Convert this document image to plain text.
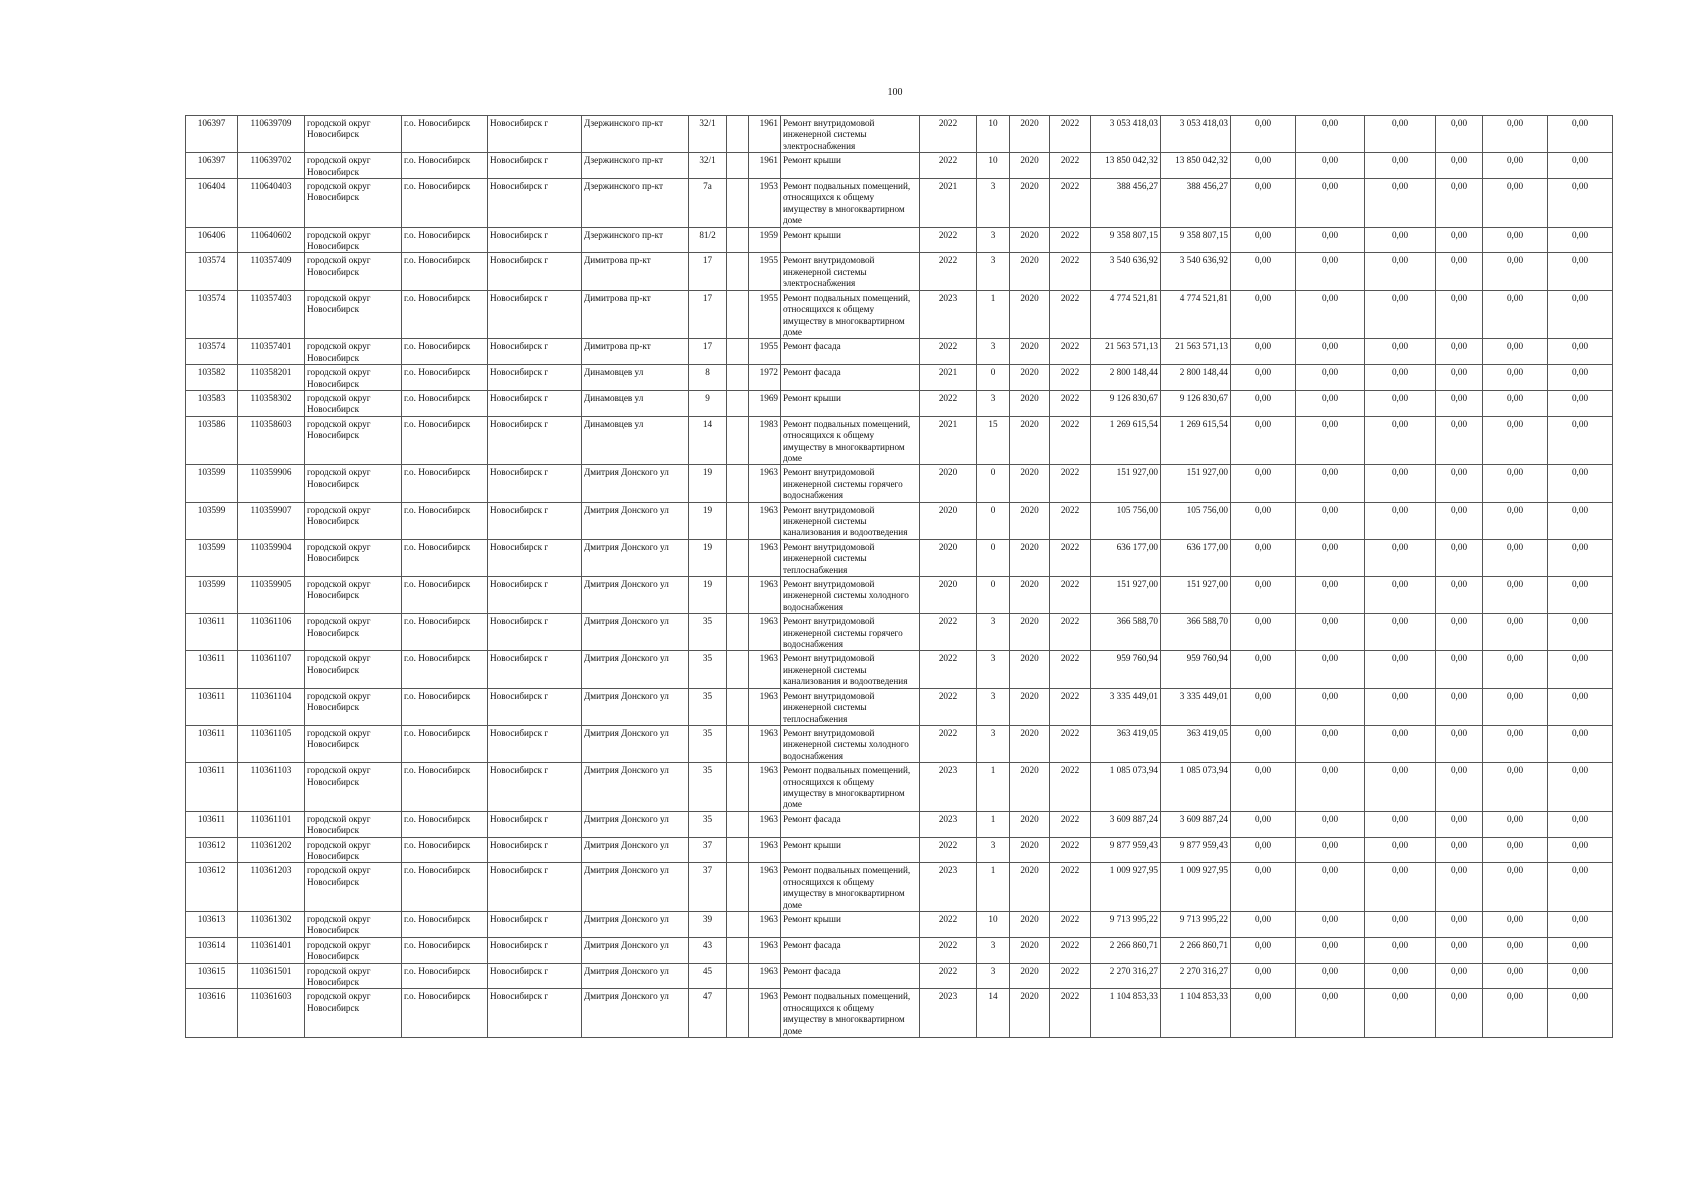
100
106397	110639709	городской округ Новосибирск	г.о. Новосибирск	Новосибирск г	Дзержинского пр-кт	32/1		1961	Ремонт внутридомовой инженерной системы электроснабжения	2022	10	2020	2022	3 053 418,03	3 053 418,03	0,00	0,00	0,00	0,00	0,00	0,00
106397	110639702	городской округ Новосибирск	г.о. Новосибирск	Новосибирск г	Дзержинского пр-кт	32/1		1961	Ремонт крыши	2022	10	2020	2022	13 850 042,32	13 850 042,32	0,00	0,00	0,00	0,00	0,00	0,00
106404	110640403	городской округ Новосибирск	г.о. Новосибирск	Новосибирск г	Дзержинского пр-кт	7а		1953	Ремонт подвальных помещений, относящихся к общему имуществу в многоквартирном доме	2021	3	2020	2022	388 456,27	388 456,27	0,00	0,00	0,00	0,00	0,00	0,00
106406	110640602	городской округ Новосибирск	г.о. Новосибирск	Новосибирск г	Дзержинского пр-кт	81/2		1959	Ремонт крыши	2022	3	2020	2022	9 358 807,15	9 358 807,15	0,00	0,00	0,00	0,00	0,00	0,00
103574	110357409	городской округ Новосибирск	г.о. Новосибирск	Новосибирск г	Димитрова пр-кт	17		1955	Ремонт внутридомовой инженерной системы электроснабжения	2022	3	2020	2022	3 540 636,92	3 540 636,92	0,00	0,00	0,00	0,00	0,00	0,00
103574	110357403	городской округ Новосибирск	г.о. Новосибирск	Новосибирск г	Димитрова пр-кт	17		1955	Ремонт подвальных помещений, относящихся к общему имуществу в многоквартирном доме	2023	1	2020	2022	4 774 521,81	4 774 521,81	0,00	0,00	0,00	0,00	0,00	0,00
103574	110357401	городской округ Новосибирск	г.о. Новосибирск	Новосибирск г	Димитрова пр-кт	17		1955	Ремонт фасада	2022	3	2020	2022	21 563 571,13	21 563 571,13	0,00	0,00	0,00	0,00	0,00	0,00
103582	110358201	городской округ Новосибирск	г.о. Новосибирск	Новосибирск г	Динамовцев ул	8		1972	Ремонт фасада	2021	0	2020	2022	2 800 148,44	2 800 148,44	0,00	0,00	0,00	0,00	0,00	0,00
103583	110358302	городской округ Новосибирск	г.о. Новосибирск	Новосибирск г	Динамовцев ул	9		1969	Ремонт крыши	2022	3	2020	2022	9 126 830,67	9 126 830,67	0,00	0,00	0,00	0,00	0,00	0,00
103586	110358603	городской округ Новосибирск	г.о. Новосибирск	Новосибирск г	Динамовцев ул	14		1983	Ремонт подвальных помещений, относящихся к общему имуществу в многоквартирном доме	2021	15	2020	2022	1 269 615,54	1 269 615,54	0,00	0,00	0,00	0,00	0,00	0,00
103599	110359906	городской округ Новосибирск	г.о. Новосибирск	Новосибирск г	Дмитрия Донского ул	19		1963	Ремонт внутридомовой инженерной системы горячего водоснабжения	2020	0	2020	2022	151 927,00	151 927,00	0,00	0,00	0,00	0,00	0,00	0,00
103599	110359907	городской округ Новосибирск	г.о. Новосибирск	Новосибирск г	Дмитрия Донского ул	19		1963	Ремонт внутридомовой инженерной системы канализования и водоотведения	2020	0	2020	2022	105 756,00	105 756,00	0,00	0,00	0,00	0,00	0,00	0,00
103599	110359904	городской округ Новосибирск	г.о. Новосибирск	Новосибирск г	Дмитрия Донского ул	19		1963	Ремонт внутридомовой инженерной системы теплоснабжения	2020	0	2020	2022	636 177,00	636 177,00	0,00	0,00	0,00	0,00	0,00	0,00
103599	110359905	городской округ Новосибирск	г.о. Новосибирск	Новосибирск г	Дмитрия Донского ул	19		1963	Ремонт внутридомовой инженерной системы холодного водоснабжения	2020	0	2020	2022	151 927,00	151 927,00	0,00	0,00	0,00	0,00	0,00	0,00
103611	110361106	городской округ Новосибирск	г.о. Новосибирск	Новосибирск г	Дмитрия Донского ул	35		1963	Ремонт внутридомовой инженерной системы горячего водоснабжения	2022	3	2020	2022	366 588,70	366 588,70	0,00	0,00	0,00	0,00	0,00	0,00
103611	110361107	городской округ Новосибирск	г.о. Новосибирск	Новосибирск г	Дмитрия Донского ул	35		1963	Ремонт внутридомовой инженерной системы канализования и водоотведения	2022	3	2020	2022	959 760,94	959 760,94	0,00	0,00	0,00	0,00	0,00	0,00
103611	110361104	городской округ Новосибирск	г.о. Новосибирск	Новосибирск г	Дмитрия Донского ул	35		1963	Ремонт внутридомовой инженерной системы теплоснабжения	2022	3	2020	2022	3 335 449,01	3 335 449,01	0,00	0,00	0,00	0,00	0,00	0,00
103611	110361105	городской округ Новосибирск	г.о. Новосибирск	Новосибирск г	Дмитрия Донского ул	35		1963	Ремонт внутридомовой инженерной системы холодного водоснабжения	2022	3	2020	2022	363 419,05	363 419,05	0,00	0,00	0,00	0,00	0,00	0,00
103611	110361103	городской округ Новосибирск	г.о. Новосибирск	Новосибирск г	Дмитрия Донского ул	35		1963	Ремонт подвальных помещений, относящихся к общему имуществу в многоквартирном доме	2023	1	2020	2022	1 085 073,94	1 085 073,94	0,00	0,00	0,00	0,00	0,00	0,00
103611	110361101	городской округ Новосибирск	г.о. Новосибирск	Новосибирск г	Дмитрия Донского ул	35		1963	Ремонт фасада	2023	1	2020	2022	3 609 887,24	3 609 887,24	0,00	0,00	0,00	0,00	0,00	0,00
103612	110361202	городской округ Новосибирск	г.о. Новосибирск	Новосибирск г	Дмитрия Донского ул	37		1963	Ремонт крыши	2022	3	2020	2022	9 877 959,43	9 877 959,43	0,00	0,00	0,00	0,00	0,00	0,00
103612	110361203	городской округ Новосибирск	г.о. Новосибирск	Новосибирск г	Дмитрия Донского ул	37		1963	Ремонт подвальных помещений, относящихся к общему имуществу в многоквартирном доме	2023	1	2020	2022	1 009 927,95	1 009 927,95	0,00	0,00	0,00	0,00	0,00	0,00
103613	110361302	городской округ Новосибирск	г.о. Новосибирск	Новосибирск г	Дмитрия Донского ул	39		1963	Ремонт крыши	2022	10	2020	2022	9 713 995,22	9 713 995,22	0,00	0,00	0,00	0,00	0,00	0,00
103614	110361401	городской округ Новосибирск	г.о. Новосибирск	Новосибирск г	Дмитрия Донского ул	43		1963	Ремонт фасада	2022	3	2020	2022	2 266 860,71	2 266 860,71	0,00	0,00	0,00	0,00	0,00	0,00
103615	110361501	городской округ Новосибирск	г.о. Новосибирск	Новосибирск г	Дмитрия Донского ул	45		1963	Ремонт фасада	2022	3	2020	2022	2 270 316,27	2 270 316,27	0,00	0,00	0,00	0,00	0,00	0,00
103616	110361603	городской округ Новосибирск	г.о. Новосибирск	Новосибирск г	Дмитрия Донского ул	47		1963	Ремонт подвальных помещений, относящихся к общему имуществу в многоквартирном доме	2023	14	2020	2022	1 104 853,33	1 104 853,33	0,00	0,00	0,00	0,00	0,00	0,00
